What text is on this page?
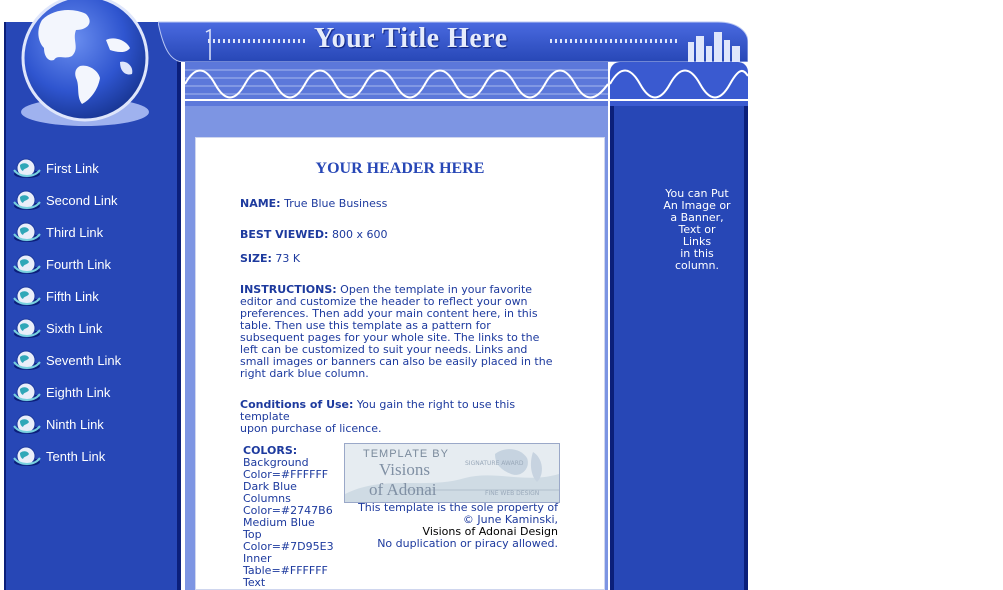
First Link
Second Link
Third Link
Fourth Link
Fifth Link
Sixth Link
Seventh Link
Eighth Link
Ninth Link
Tenth Link
Your Title Here
You can Put
An Image or
a Banner,
Text or
Links
in this
column.
YOUR HEADER HERE
NAME: True Blue Business
BEST VIEWED: 800 x 600
SIZE: 73 K
INSTRUCTIONS: Open the template in your favorite
editor and customize the header to reflect your own
preferences. Then add your main content here, in this
table. Then use this template as a pattern for
subsequent pages for your whole site. The links to the
left can be customized to suit your needs. Links and
small images or banners can also be easily placed in the
right dark blue column.
Conditions of Use: You gain the right to use this template
upon purchase of licence.
COLORS:
Background
Color=#FFFFFF
Dark Blue
Columns
Color=#2747B6
Medium Blue
Top
Color=#7D95E3
Inner
Table=#FFFFFF
Text
TEMPLATE BY
Visions
of Adonai
SIGNATURE AWARD
FINE WEB DESIGN
This template is the sole property of
© June Kaminski,
Visions of Adonai Design
No duplication or piracy allowed.
